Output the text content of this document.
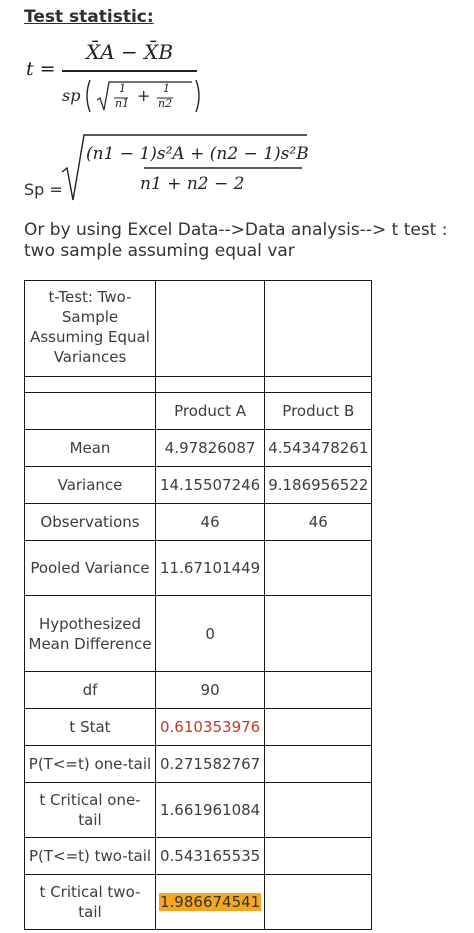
Test statistic:
t =
X̄A − X̄B
sp	1
n1 + 1
n2
Sp =
(n1 − 1)s²A + (n2 − 1)s²B
n1 + n2 − 2
Or by using Excel Data-->Data analysis--> t test : two sample assuming equal var
t-Test: Two-Sample Assuming Equal Variances		

	Product A	Product B
Mean	4.97826087	4.543478261
Variance	14.15507246	9.186956522
Observations	46	46
Pooled Variance	11.67101449	
Hypothesized Mean Difference	0	
df	90	
t Stat	0.610353976	
P(T<=t) one-tail	0.271582767	
t Critical one-tail	1.661961084	
P(T<=t) two-tail	0.543165535	
t Critical two-tail	1.986674541	
